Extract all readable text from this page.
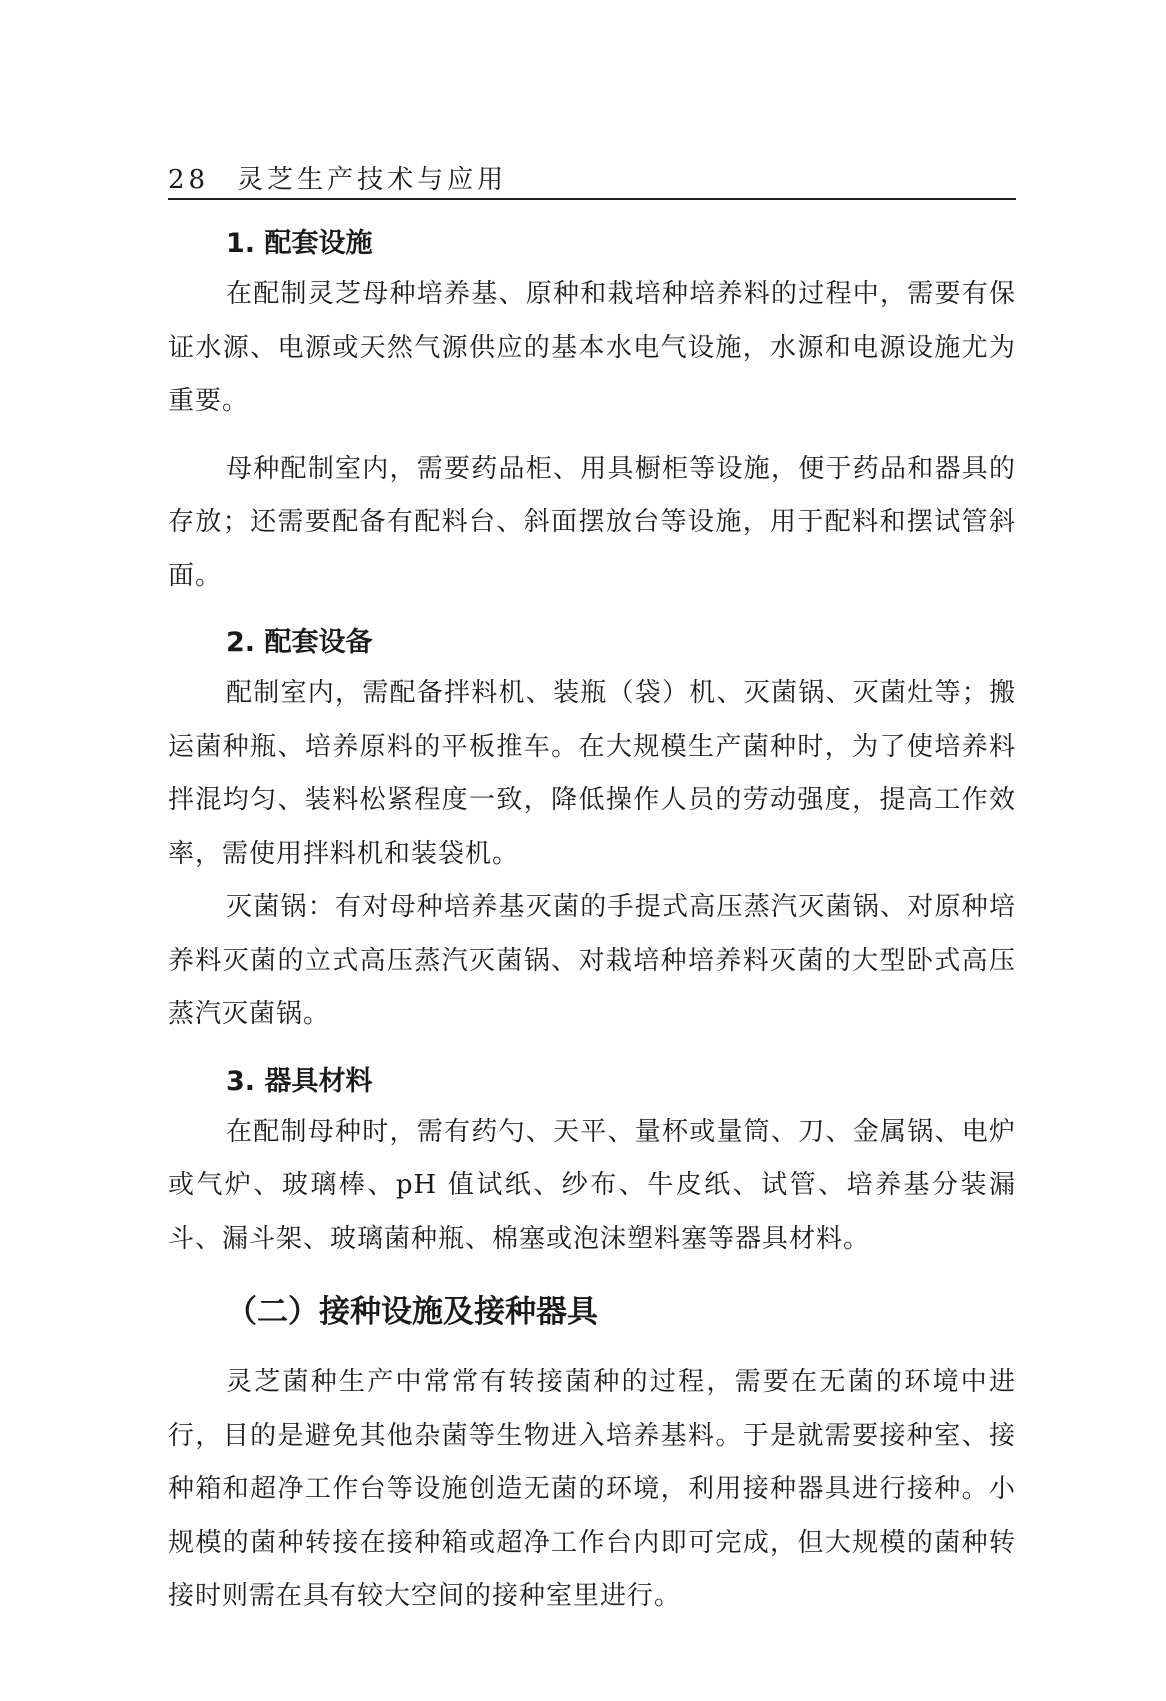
28 灵芝生产技术与应用
1. 配套设施

在配制灵芝母种培养基、原种和栽培种培养料的过程中，需要有保证水源、电源或天然气源供应的基本水电气设施，水源和电源设施尤为重要。

母种配制室内，需要药品柜、用具橱柜等设施，便于药品和器具的存放；还需要配备有配料台、斜面摆放台等设施，用于配料和摆试管斜面。

2. 配套设备

配制室内，需配备拌料机、装瓶（袋）机、灭菌锅、灭菌灶等；搬运菌种瓶、培养原料的平板推车。在大规模生产菌种时，为了使培养料拌混均匀、装料松紧程度一致，降低操作人员的劳动强度，提高工作效率，需使用拌料机和装袋机。

灭菌锅：有对母种培养基灭菌的手提式高压蒸汽灭菌锅、对原种培养料灭菌的立式高压蒸汽灭菌锅、对栽培种培养料灭菌的大型卧式高压蒸汽灭菌锅。

3. 器具材料

在配制母种时，需有药勺、天平、量杯或量筒、刀、金属锅、电炉或气炉、玻璃棒、pH 值试纸、纱布、牛皮纸、试管、培养基分装漏斗、漏斗架、玻璃菌种瓶、棉塞或泡沫塑料塞等器具材料。

（二）接种设施及接种器具

灵芝菌种生产中常常有转接菌种的过程，需要在无菌的环境中进行，目的是避免其他杂菌等生物进入培养基料。于是就需要接种室、接种箱和超净工作台等设施创造无菌的环境，利用接种器具进行接种。小规模的菌种转接在接种箱或超净工作台内即可完成，但大规模的菌种转接时则需在具有较大空间的接种室里进行。
